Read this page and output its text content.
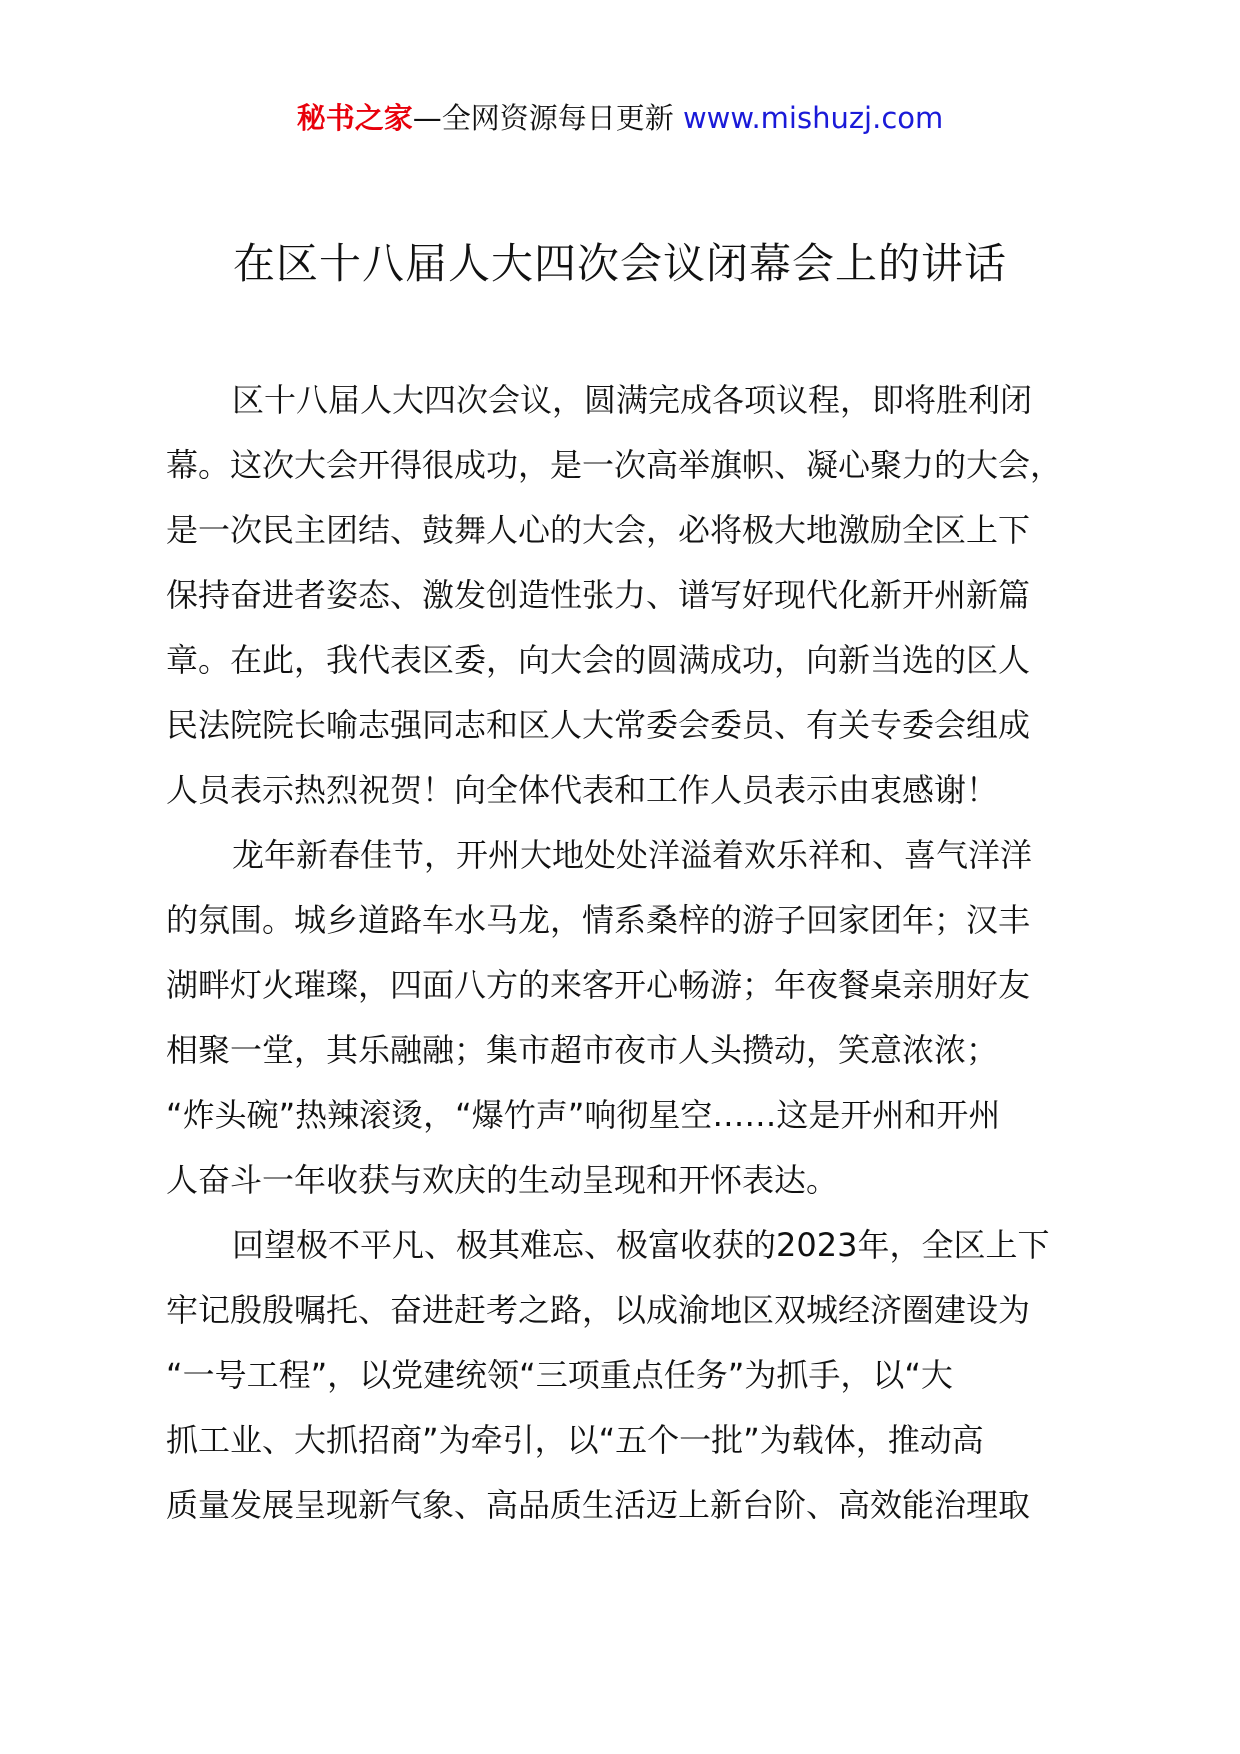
秘书之家—全网资源每日更新 www.mishuzj.com
在区十八届人大四次会议闭幕会上的讲话
区十八届人大四次会议，圆满完成各项议程，即将胜利闭
幕。这次大会开得很成功，是一次高举旗帜、凝心聚力的大会，
是一次民主团结、鼓舞人心的大会，必将极大地激励全区上下
保持奋进者姿态、激发创造性张力、谱写好现代化新开州新篇
章。在此，我代表区委，向大会的圆满成功，向新当选的区人
民法院院长喻志强同志和区人大常委会委员、有关专委会组成
人员表示热烈祝贺！向全体代表和工作人员表示由衷感谢！
龙年新春佳节，开州大地处处洋溢着欢乐祥和、喜气洋洋
的氛围。城乡道路车水马龙，情系桑梓的游子回家团年；汉丰
湖畔灯火璀璨，四面八方的来客开心畅游；年夜餐桌亲朋好友
相聚一堂，其乐融融；集市超市夜市人头攒动，笑意浓浓；
“炸头碗”热辣滚烫，“爆竹声”响彻星空……这是开州和开州
人奋斗一年收获与欢庆的生动呈现和开怀表达。
回望极不平凡、极其难忘、极富收获的2023年，全区上下
牢记殷殷嘱托、奋进赶考之路，以成渝地区双城经济圈建设为
“一号工程”，以党建统领“三项重点任务”为抓手，以“大
抓工业、大抓招商”为牵引，以“五个一批”为载体，推动高
质量发展呈现新气象、高品质生活迈上新台阶、高效能治理取
